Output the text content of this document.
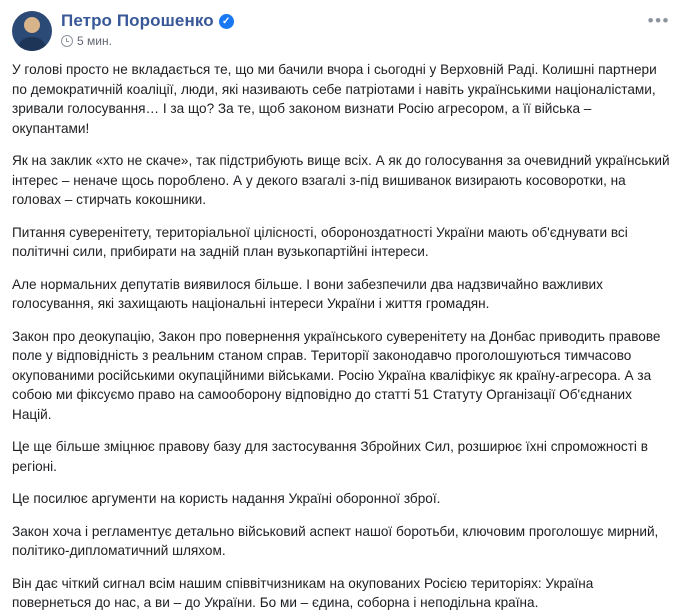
Петро Порошенко ✓
5 мин.
•••

У голові просто не вкладається те, що ми бачили вчора і сьогодні у Верховній Раді. Колишні партнери по демократичній коаліції, люди, які називають себе патріотами і навіть українськими націоналістами, зривали голосування… І за що? За те, щоб законом визнати Росію агресором, а її війська – окупантами!

Як на заклик «хто не скаче», так підстрибують вище всіх. А як до голосування за очевидний український інтерес – неначе щось пороблено. А у декого взагалі з-під вишиванок визирають косоворотки, на головах – стирчать кокошники.

Питання суверенітету, територіальної цілісності, обороноздатності України мають об'єднувати всі політичні сили, прибирати на задній план вузькопартійні інтереси.

Але нормальних депутатів виявилося більше. І вони забезпечили два надзвичайно важливих голосування, які захищають національні інтереси України і життя громадян.

Закон про деокупацію, Закон про повернення українського суверенітету на Донбас приводить правове поле у відповідність з реальним станом справ. Території законодавчо проголошуються тимчасово окупованими російськими окупаційними військами. Росію Україна кваліфікує як країну-агресора. А за собою ми фіксуємо право на самооборону відповідно до статті 51 Статуту Організації Об'єднаних Націй.

Це ще більше зміцнює правову базу для застосування Збройних Сил, розширює їхні спроможності в регіоні.

Це посилює аргументи на користь надання Україні оборонної зброї.

Закон хоча і регламентує детально військовий аспект нашої боротьби, ключовим проголошує мирний, політико-дипломатичний шляхом.

Він дає чіткий сигнал всім нашим співвітчизникам на окупованих Росією територіях: Україна повернеться до нас, а ви – до України. Бо ми – єдина, соборна і неподільна країна.
